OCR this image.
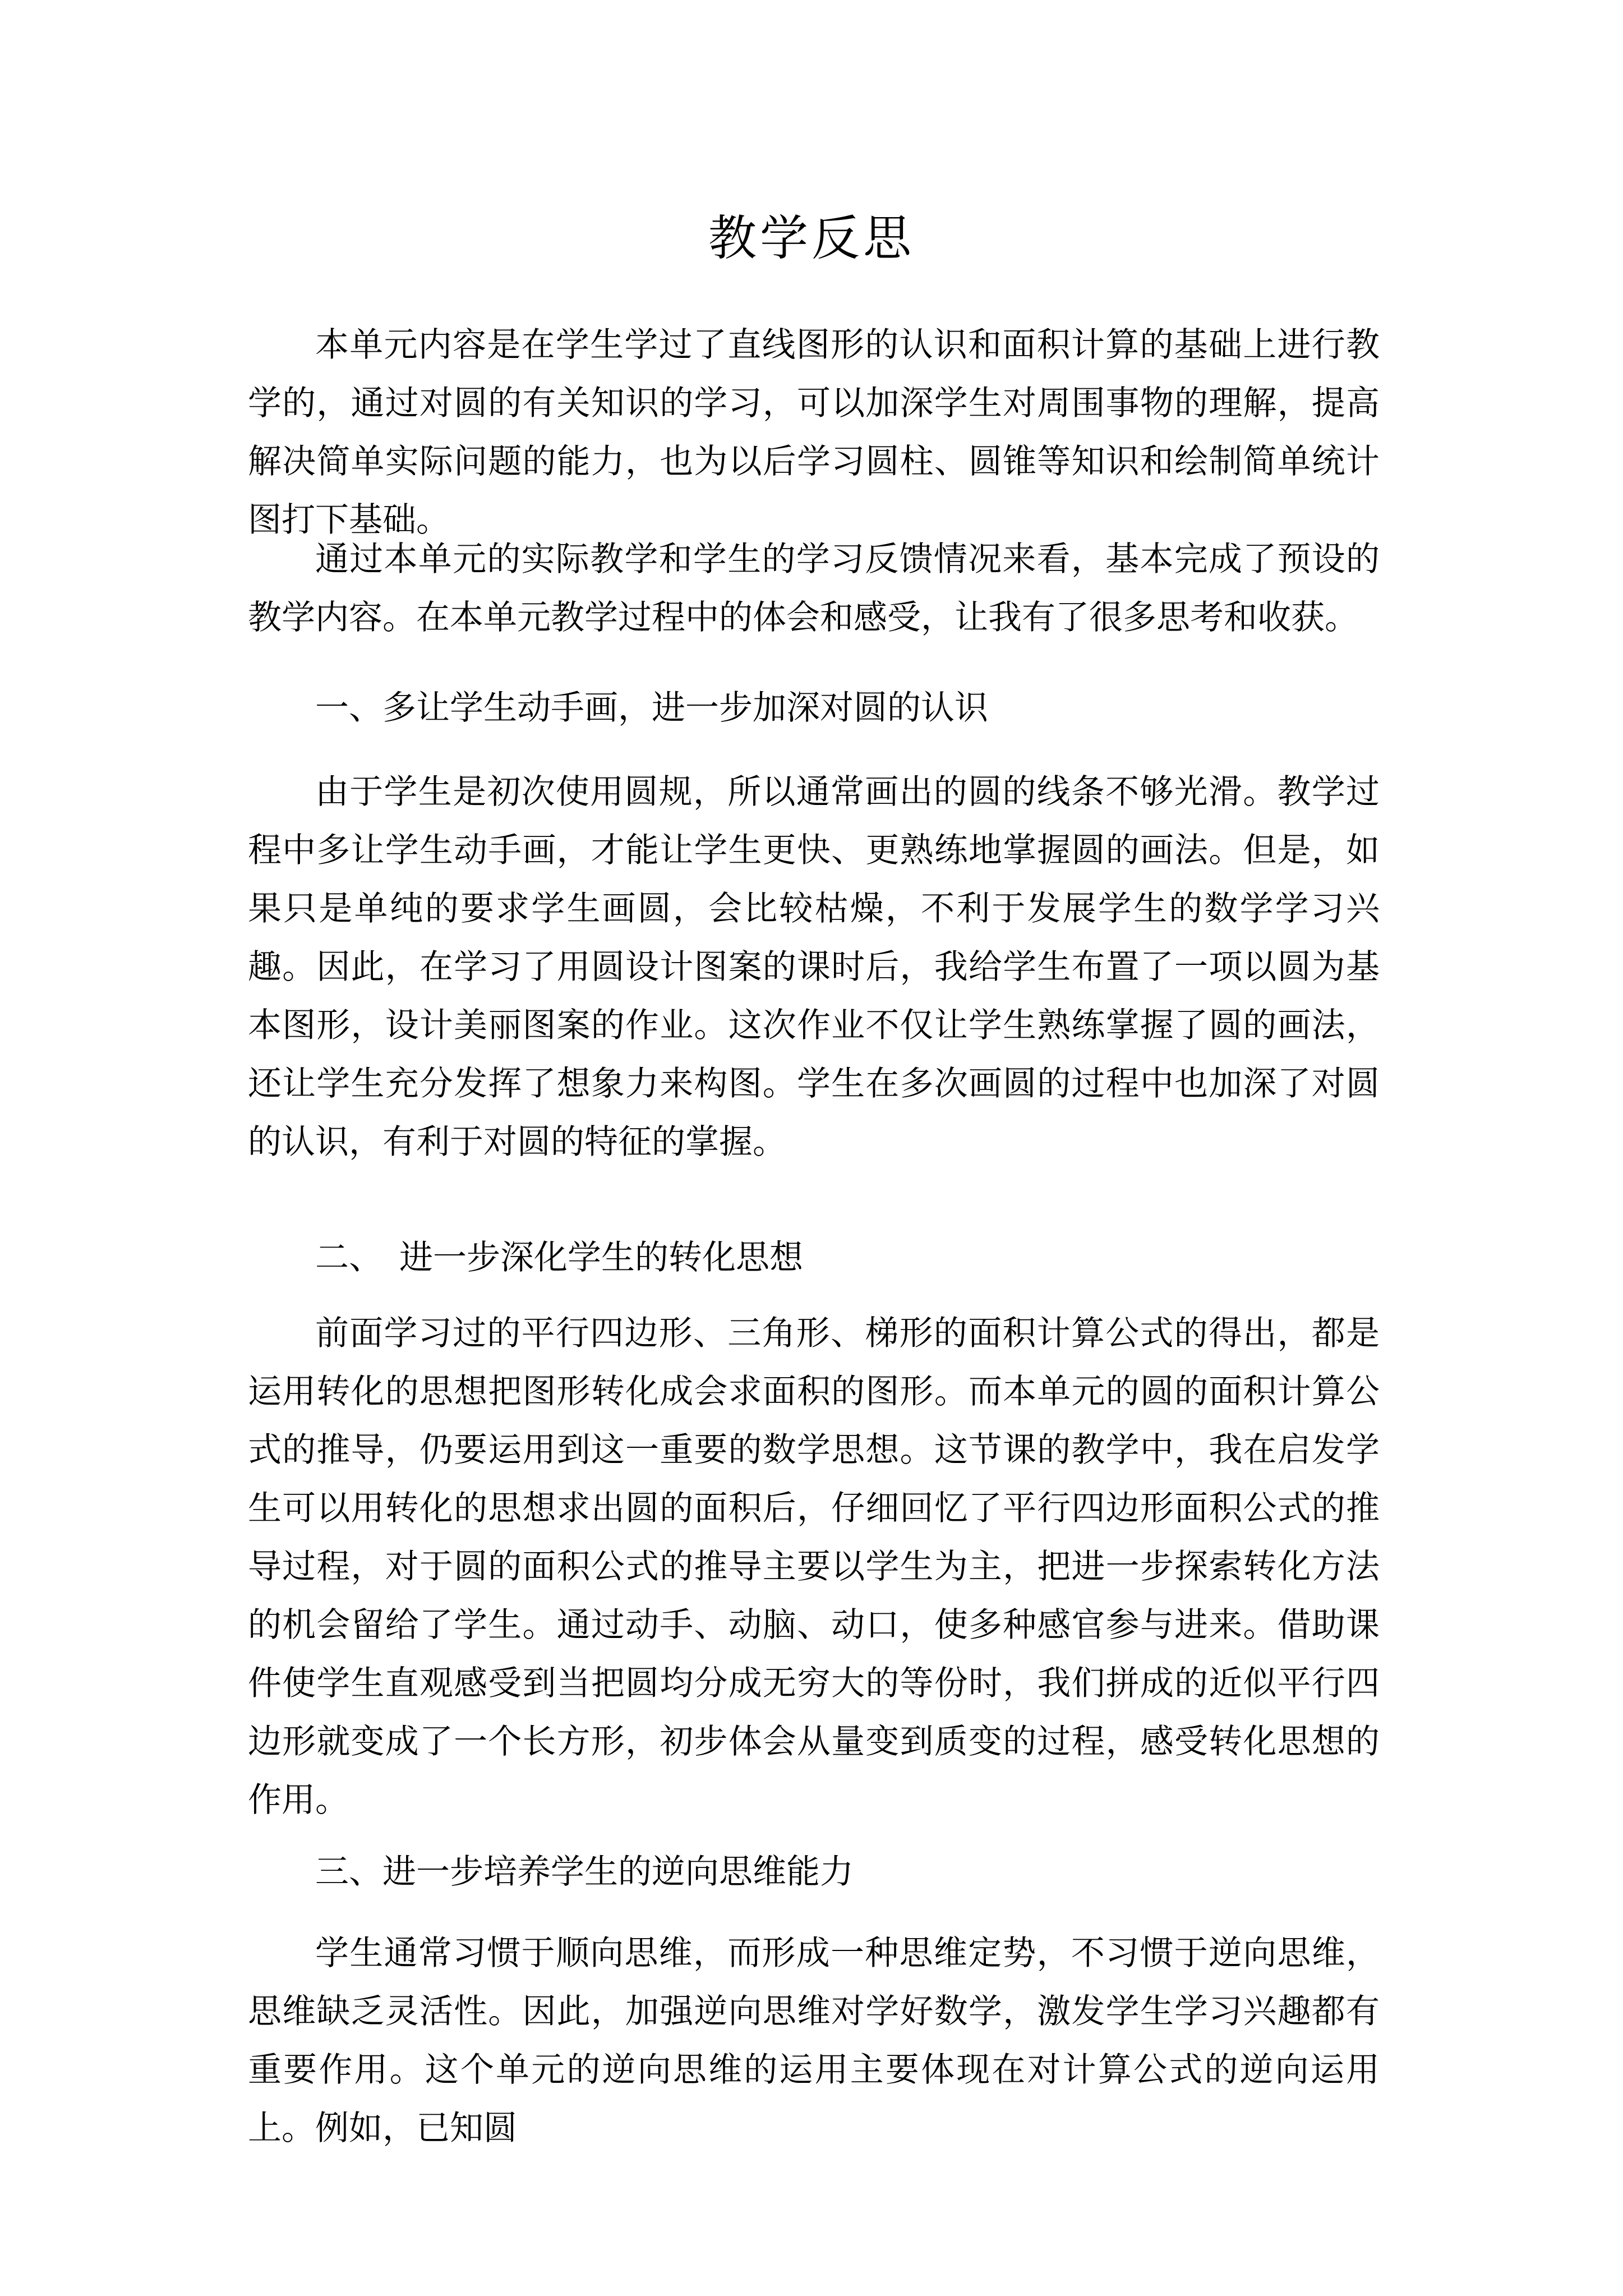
教学反思

本单元内容是在学生学过了直线图形的认识和面积计算的基础上进行教学的，通过对圆的有关知识的学习，可以加深学生对周围事物的理解，提高解决简单实际问题的能力，也为以后学习圆柱、圆锥等知识和绘制简单统计图打下基础。

通过本单元的实际教学和学生的学习反馈情况来看，基本完成了预设的教学内容。在本单元教学过程中的体会和感受，让我有了很多思考和收获。

一、多让学生动手画，进一步加深对圆的认识

由于学生是初次使用圆规，所以通常画出的圆的线条不够光滑。教学过程中多让学生动手画，才能让学生更快、更熟练地掌握圆的画法。但是，如果只是单纯的要求学生画圆，会比较枯燥，不利于发展学生的数学学习兴趣。因此，在学习了用圆设计图案的课时后，我给学生布置了一项以圆为基本图形，设计美丽图案的作业。这次作业不仅让学生熟练掌握了圆的画法，还让学生充分发挥了想象力来构图。学生在多次画圆的过程中也加深了对圆的认识，有利于对圆的特征的掌握。

二、　进一步深化学生的转化思想

前面学习过的平行四边形、三角形、梯形的面积计算公式的得出，都是运用转化的思想把图形转化成会求面积的图形。而本单元的圆的面积计算公式的推导，仍要运用到这一重要的数学思想。这节课的教学中，我在启发学生可以用转化的思想求出圆的面积后，仔细回忆了平行四边形面积公式的推导过程，对于圆的面积公式的推导主要以学生为主，把进一步探索转化方法的机会留给了学生。通过动手、动脑、动口，使多种感官参与进来。借助课件使学生直观感受到当把圆均分成无穷大的等份时，我们拼成的近似平行四边形就变成了一个长方形，初步体会从量变到质变的过程，感受转化思想的作用。

三、进一步培养学生的逆向思维能力

学生通常习惯于顺向思维，而形成一种思维定势，不习惯于逆向思维，思维缺乏灵活性。因此，加强逆向思维对学好数学，激发学生学习兴趣都有重要作用。这个单元的逆向思维的运用主要体现在对计算公式的逆向运用上。例如，已知圆
